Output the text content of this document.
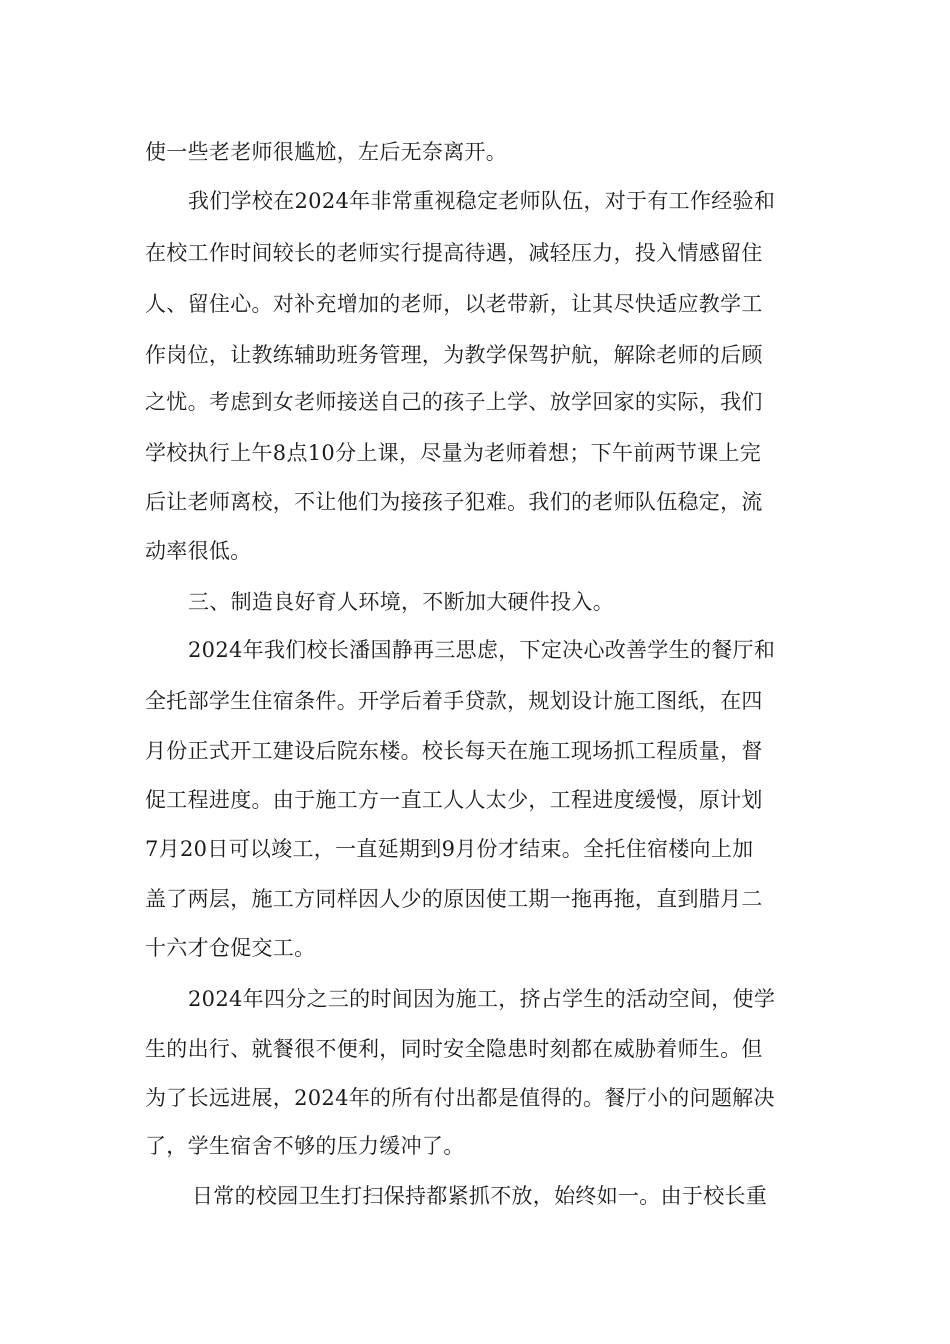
使一些老老师很尴尬，左后无奈离开。
我们学校在2024年非常重视稳定老师队伍，对于有工作经验和
在校工作时间较长的老师实行提高待遇，减轻压力，投入情感留住
人、留住心。对补充增加的老师，以老带新，让其尽快适应教学工
作岗位，让教练辅助班务管理，为教学保驾护航，解除老师的后顾
之忧。考虑到女老师接送自己的孩子上学、放学回家的实际，我们
学校执行上午8点10分上课，尽量为老师着想；下午前两节课上完
后让老师离校，不让他们为接孩子犯难。我们的老师队伍稳定，流
动率很低。
三、制造良好育人环境，不断加大硬件投入。
2024年我们校长潘国静再三思虑，下定决心改善学生的餐厅和
全托部学生住宿条件。开学后着手贷款，规划设计施工图纸，在四
月份正式开工建设后院东楼。校长每天在施工现场抓工程质量，督
促工程进度。由于施工方一直工人人太少，工程进度缓慢，原计划
7月20日可以竣工，一直延期到9月份才结束。全托住宿楼向上加
盖了两层，施工方同样因人少的原因使工期一拖再拖，直到腊月二
十六才仓促交工。
2024年四分之三的时间因为施工，挤占学生的活动空间，使学
生的出行、就餐很不便利，同时安全隐患时刻都在威胁着师生。但
为了长远进展，2024年的所有付出都是值得的。餐厅小的问题解决
了，学生宿舍不够的压力缓冲了。
日常的校园卫生打扫保持都紧抓不放，始终如一。由于校长重
